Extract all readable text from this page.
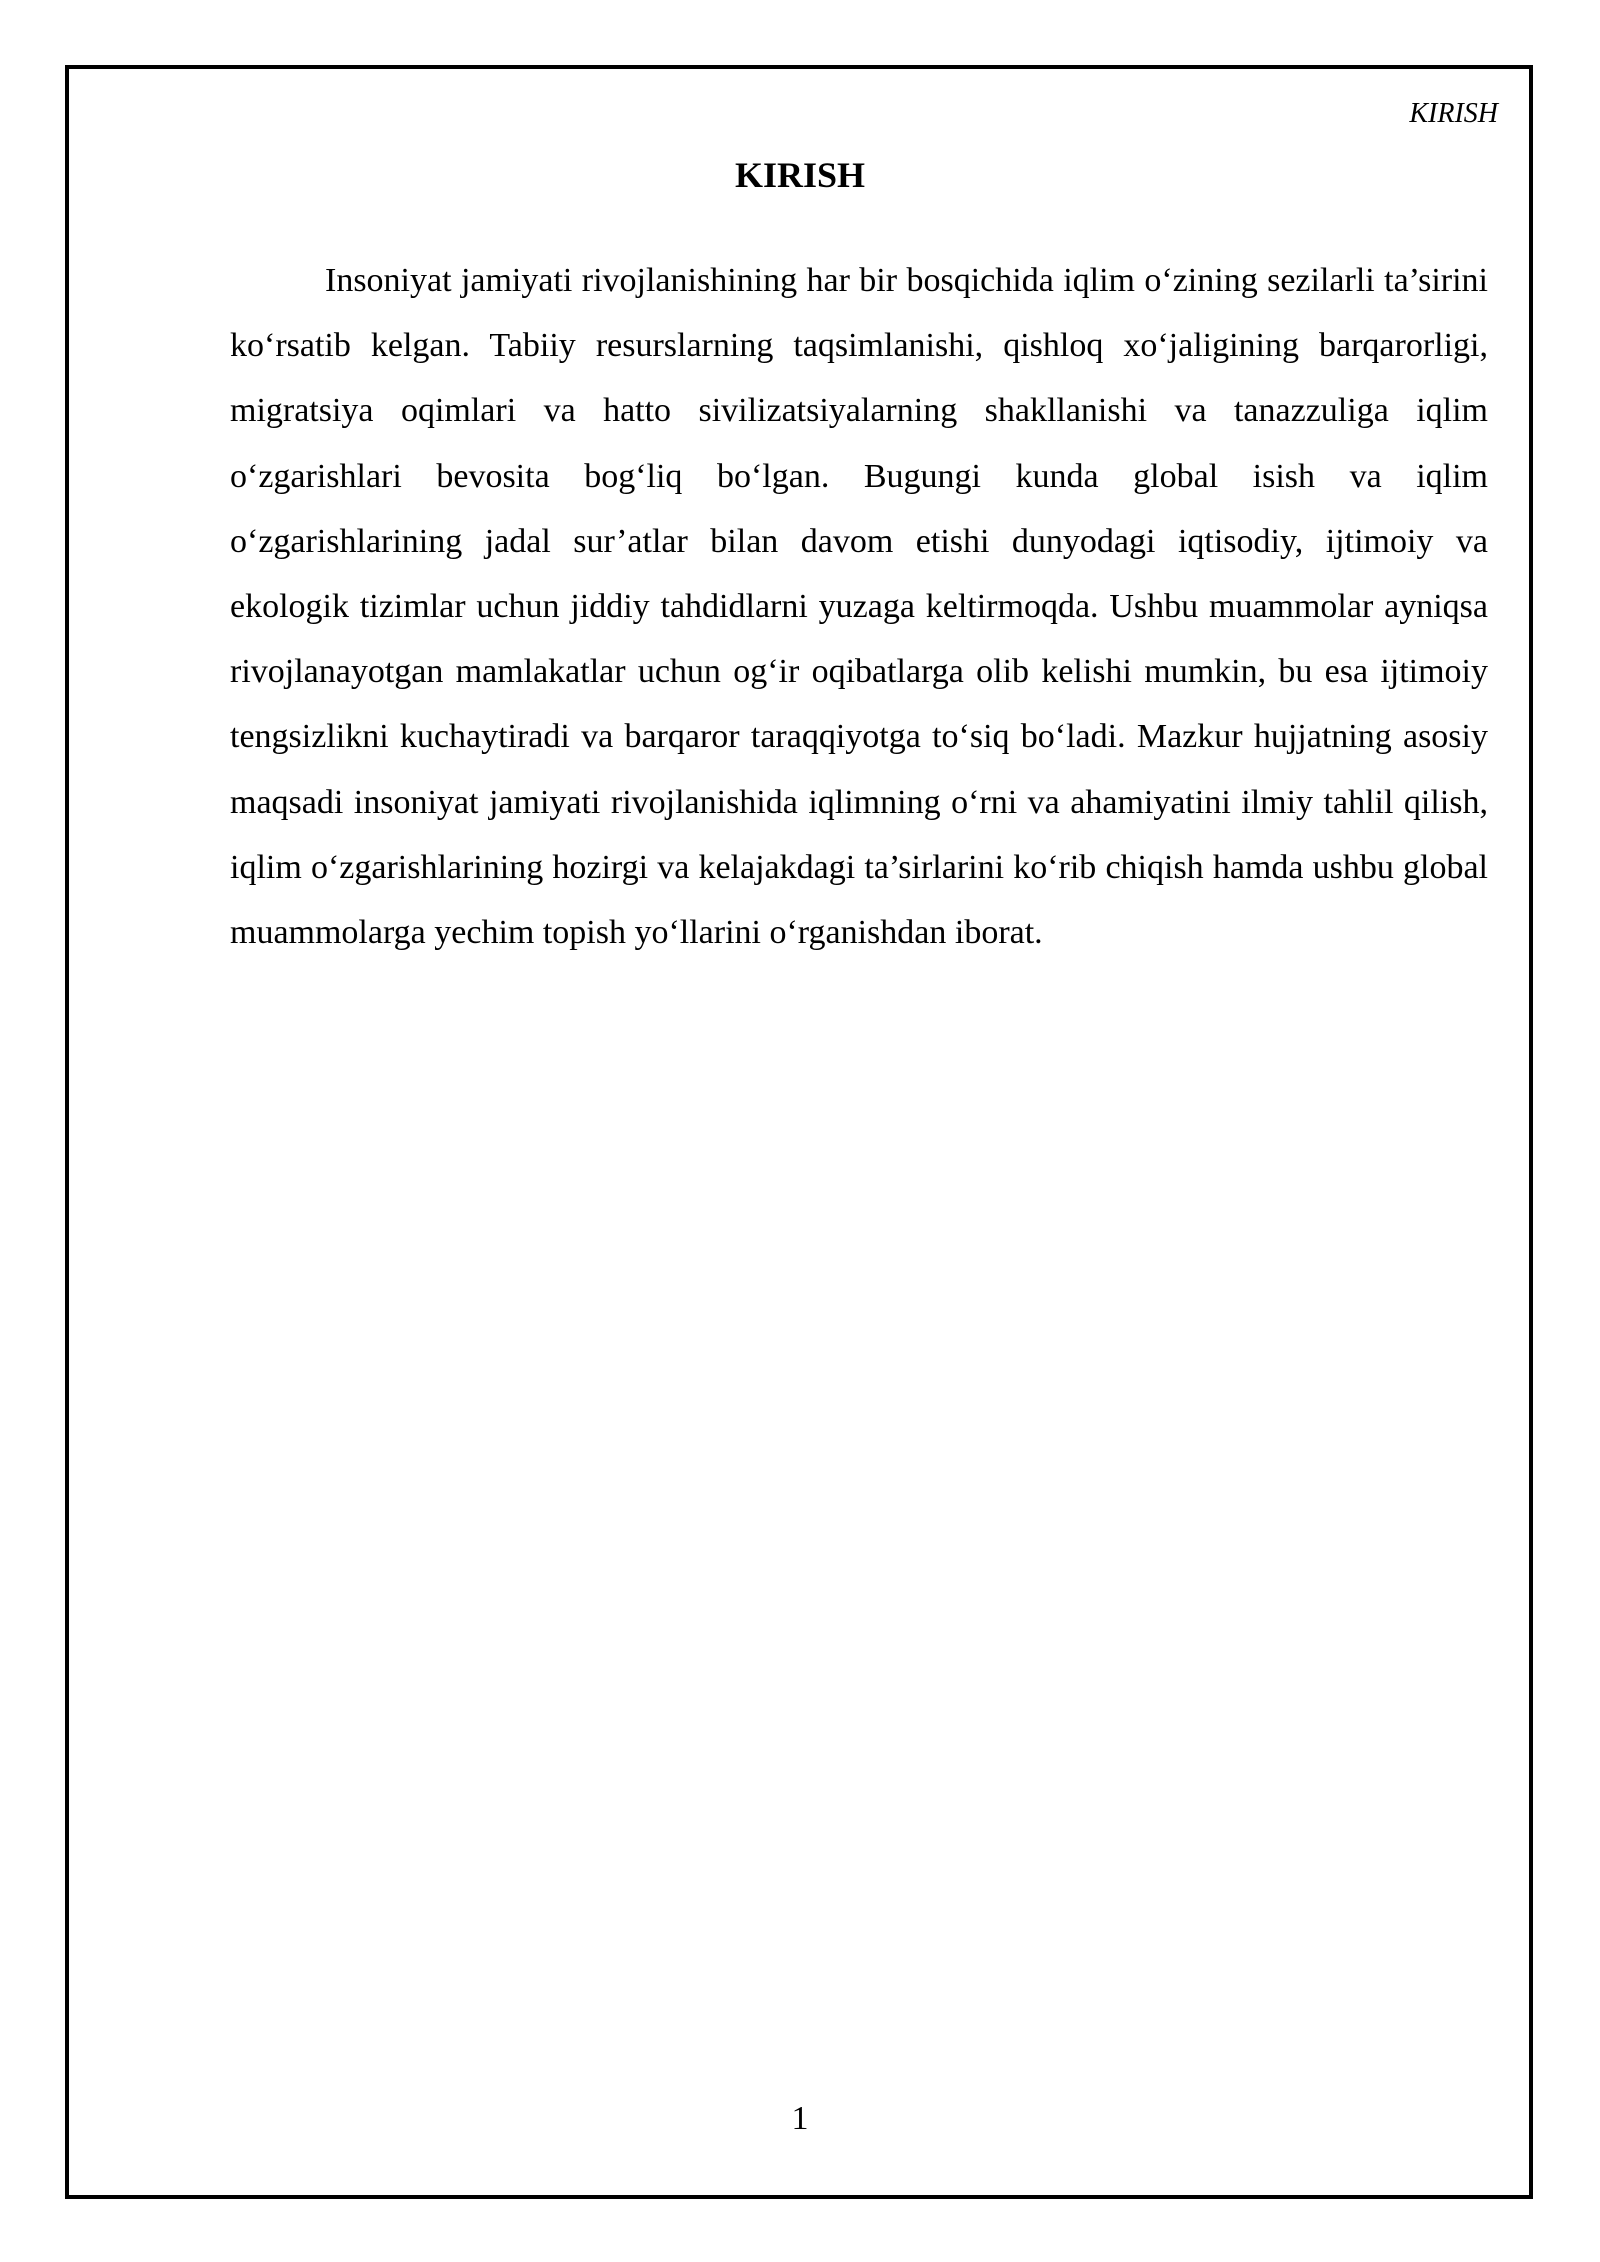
KIRISH
KIRISH

Insoniyat jamiyati rivojlanishining har bir bosqichida iqlim o‘zining sezilarli ta’sirini ko‘rsatib kelgan. Tabiiy resurslarning taqsimlanishi, qishloq xo‘jaligining barqarorligi, migratsiya oqimlari va hatto sivilizatsiyalarning shakllanishi va tanazzuliga iqlim o‘zgarishlari bevosita bog‘liq bo‘lgan. Bugungi kunda global isish va iqlim o‘zgarishlarining jadal sur’atlar bilan davom etishi dunyodagi iqtisodiy, ijtimoiy va ekologik tizimlar uchun jiddiy tahdidlarni yuzaga keltirmoqda. Ushbu muammolar ayniqsa rivojlanayotgan mamlakatlar uchun og‘ir oqibatlarga olib kelishi mumkin, bu esa ijtimoiy tengsizlikni kuchaytiradi va barqaror taraqqiyotga to‘siq bo‘ladi. Mazkur hujjatning asosiy maqsadi insoniyat jamiyati rivojlanishida iqlimning o‘rni va ahamiyatini ilmiy tahlil qilish, iqlim o‘zgarishlarining hozirgi va kelajakdagi ta’sirlarini ko‘rib chiqish hamda ushbu global muammolarga yechim topish yo‘llarini o‘rganishdan iborat.

1
